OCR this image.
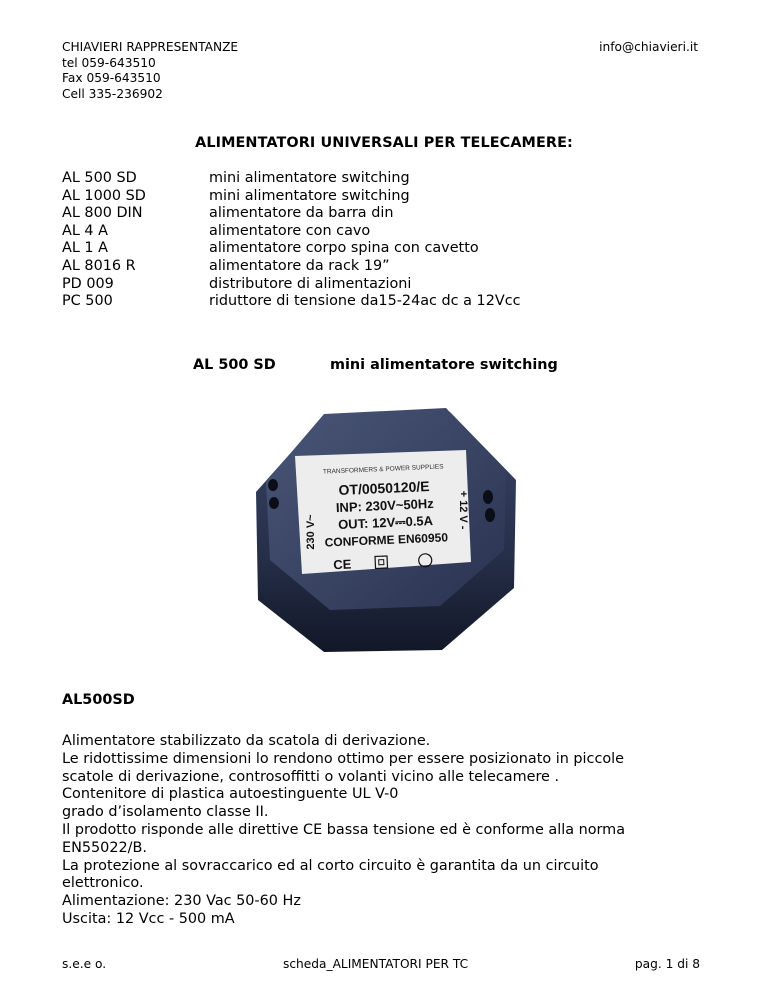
CHIAVIERI RAPPRESENTANZE
tel 059-643510
Fax 059-643510
Cell 335-236902
info@chiavieri.it
ALIMENTATORI UNIVERSALI PER TELECAMERE:
AL 500 SD	mini alimentatore switching
AL 1000 SD	mini alimentatore switching
AL 800 DIN	alimentatore da barra din
AL 4 A	alimentatore con cavo
AL 1 A	alimentatore corpo spina con cavetto
AL 8016 R	alimentatore da rack 19”
PD 009	distributore di alimentazioni
PC 500	riduttore di tensione da15-24ac dc a 12Vcc
AL 500 SD	mini alimentatore switching
TRANSFORMERS & POWER SUPPLIES
OT/0050120/E
INP: 230V~50Hz
OUT: 12V⎓0.5A
CONFORME EN60950
CE
230 V~
+ 12 V -
AL500SD
Alimentatore stabilizzato da scatola di derivazione.
Le ridottissime dimensioni lo rendono ottimo per essere posizionato in piccole
scatole di derivazione, controsoffitti o volanti vicino alle telecamere .
Contenitore di plastica autoestinguente UL V-0
grado d’isolamento classe II.
Il prodotto risponde alle direttive CE bassa tensione ed è conforme alla norma
EN55022/B.
La protezione al sovraccarico ed al corto circuito è garantita da un circuito
elettronico.
Alimentazione: 230 Vac 50-60 Hz
Uscita: 12 Vcc - 500 mA
s.e.e o.	scheda_ALIMENTATORI PER TC	pag. 1 di 8
